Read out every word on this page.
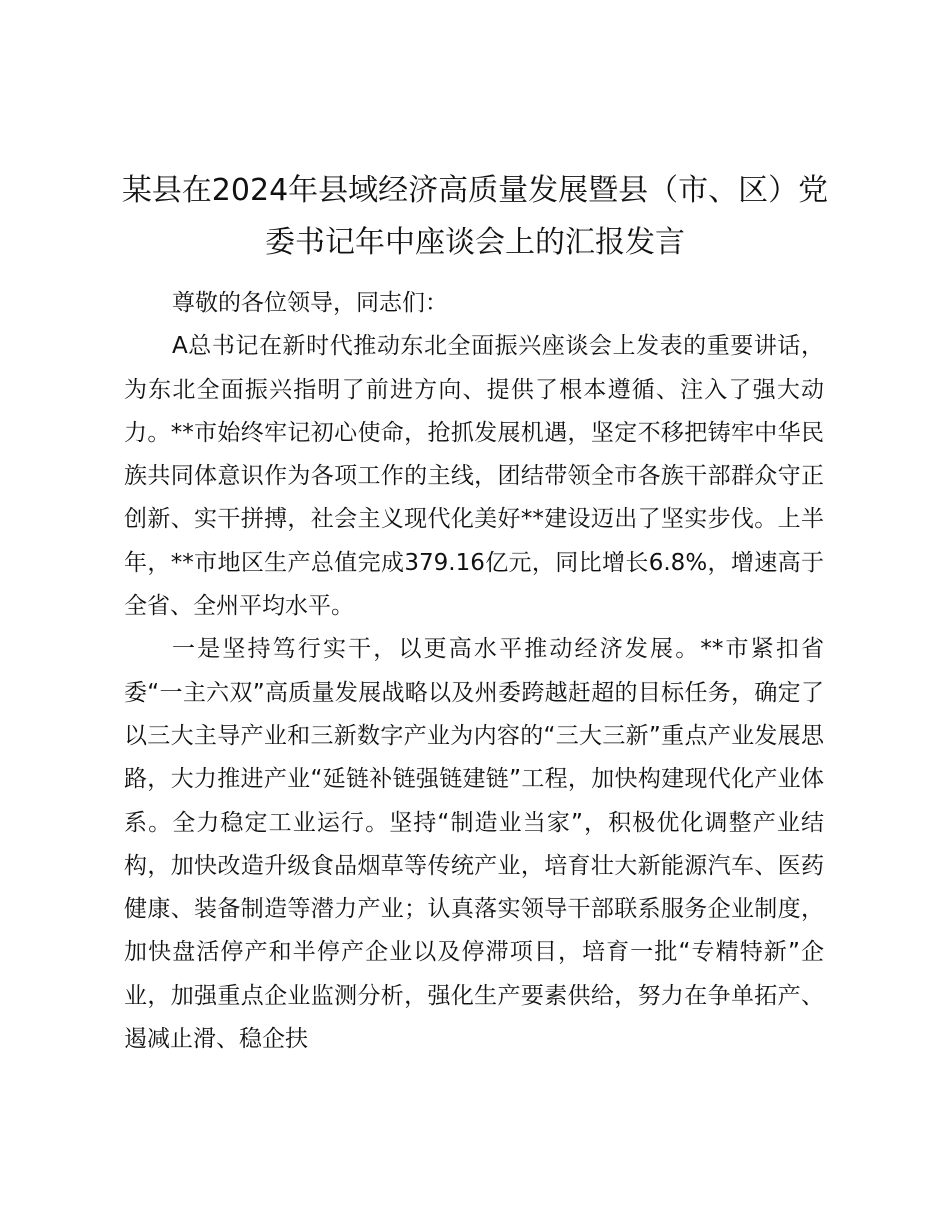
某县在2024年县域经济高质量发展暨县（市、区）党委书记年中座谈会上的汇报发言

尊敬的各位领导，同志们：

A总书记在新时代推动东北全面振兴座谈会上发表的重要讲话，为东北全面振兴指明了前进方向、提供了根本遵循、注入了强大动力。**市始终牢记初心使命，抢抓发展机遇，坚定不移把铸牢中华民族共同体意识作为各项工作的主线，团结带领全市各族干部群众守正创新、实干拼搏，社会主义现代化美好**建设迈出了坚实步伐。上半年，**市地区生产总值完成379.16亿元，同比增长6.8%，增速高于全省、全州平均水平。

一是坚持笃行实干，以更高水平推动经济发展。**市紧扣省委“一主六双”高质量发展战略以及州委跨越赶超的目标任务，确定了以三大主导产业和三新数字产业为内容的“三大三新”重点产业发展思路，大力推进产业“延链补链强链建链”工程，加快构建现代化产业体系。全力稳定工业运行。坚持“制造业当家”，积极优化调整产业结构，加快改造升级食品烟草等传统产业，培育壮大新能源汽车、医药健康、装备制造等潜力产业；认真落实领导干部联系服务企业制度，加快盘活停产和半停产企业以及停滞项目，培育一批“专精特新”企业，加强重点企业监测分析，强化生产要素供给，努力在争单拓产、遏减止滑、稳企扶
